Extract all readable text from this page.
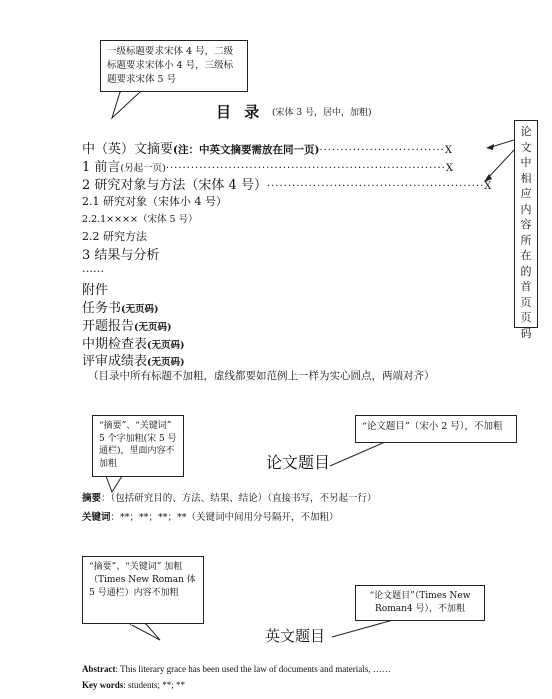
一级标题要求宋体 4 号，二级标题要求宋体小 4 号，三级标题要求宋体 5 号
目 录 (宋体 3 号，居中，加粗)
论
文
中
相
应
内
容
所
在
的
首
页
页
码
中（英）文摘要 (注：中英文摘要需放在同一页) ······························ X
1 前言 (另起一页) ··································································· X
2 研究对象与方法（宋体 4 号） ···················································· X
2.1 研究对象（宋体小 4 号）
2.2.1××××（宋体 5 号）
2.2 研究方法
3 结果与分析
……
附件
任务书(无页码)
开题报告(无页码)
中期检查表(无页码)
评审成绩表(无页码)
（目录中所有标题不加粗，虚线都要如范例上一样为实心圆点，两端对齐）
“摘要”、“关键词” 5 个字加粗(宋 5 号通栏)，里面内容不加粗
“论文题目”（宋小 2 号），不加粗
论文题目
摘要：（包括研究目的、方法、结果、结论）（直接书写，不另起一行）
关键词：**；**；**；**（关键词中间用分号隔开，不加粗）
“摘要”、“关键词” 加粗（Times New Roman 体 5 号通栏）内容不加粗	“论文题目”（Times New Roman4 号），不加粗
英文题目
Abstract: This literary grace has been used the law of documents and materials, ……
Key words: students; **; **
